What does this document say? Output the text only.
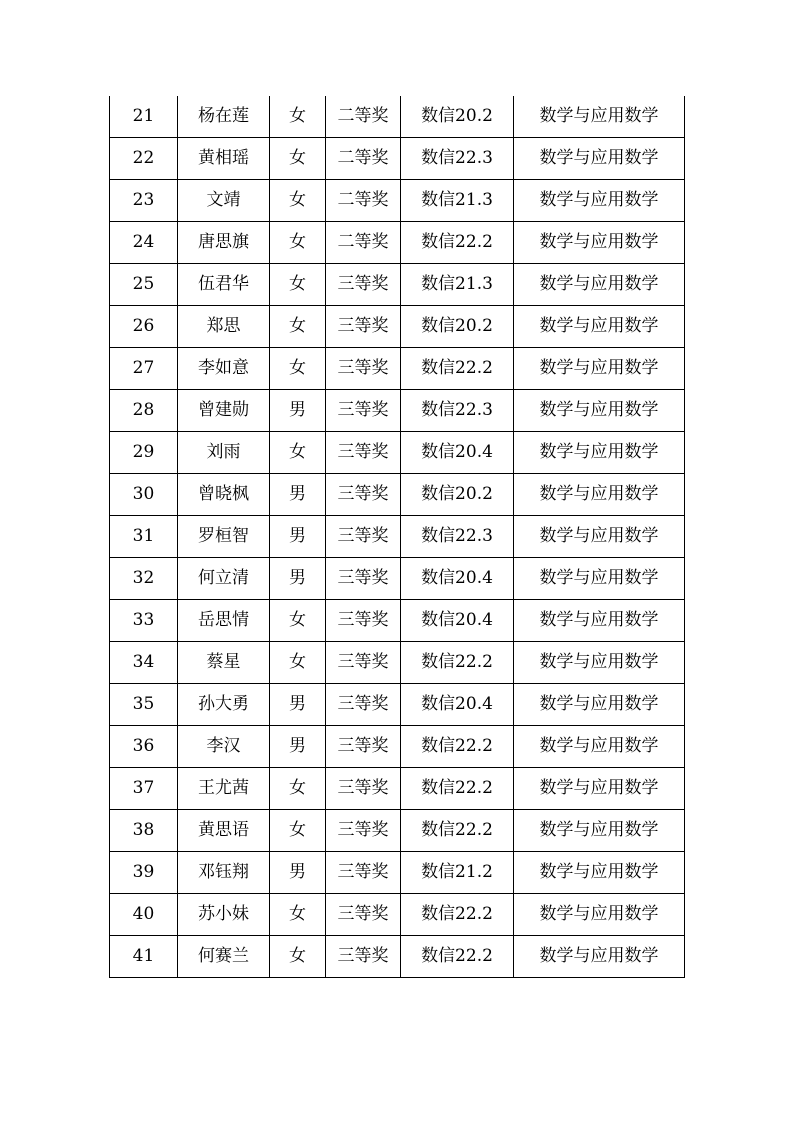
21	杨在莲	女	二等奖	数信20.2	数学与应用数学
22	黄相瑶	女	二等奖	数信22.3	数学与应用数学
23	文靖	女	二等奖	数信21.3	数学与应用数学
24	唐思旗	女	二等奖	数信22.2	数学与应用数学
25	伍君华	女	三等奖	数信21.3	数学与应用数学
26	郑思	女	三等奖	数信20.2	数学与应用数学
27	李如意	女	三等奖	数信22.2	数学与应用数学
28	曾建勋	男	三等奖	数信22.3	数学与应用数学
29	刘雨	女	三等奖	数信20.4	数学与应用数学
30	曾晓枫	男	三等奖	数信20.2	数学与应用数学
31	罗桓智	男	三等奖	数信22.3	数学与应用数学
32	何立清	男	三等奖	数信20.4	数学与应用数学
33	岳思情	女	三等奖	数信20.4	数学与应用数学
34	蔡星	女	三等奖	数信22.2	数学与应用数学
35	孙大勇	男	三等奖	数信20.4	数学与应用数学
36	李汉	男	三等奖	数信22.2	数学与应用数学
37	王尤茜	女	三等奖	数信22.2	数学与应用数学
38	黄思语	女	三等奖	数信22.2	数学与应用数学
39	邓钰翔	男	三等奖	数信21.2	数学与应用数学
40	苏小妹	女	三等奖	数信22.2	数学与应用数学
41	何赛兰	女	三等奖	数信22.2	数学与应用数学
